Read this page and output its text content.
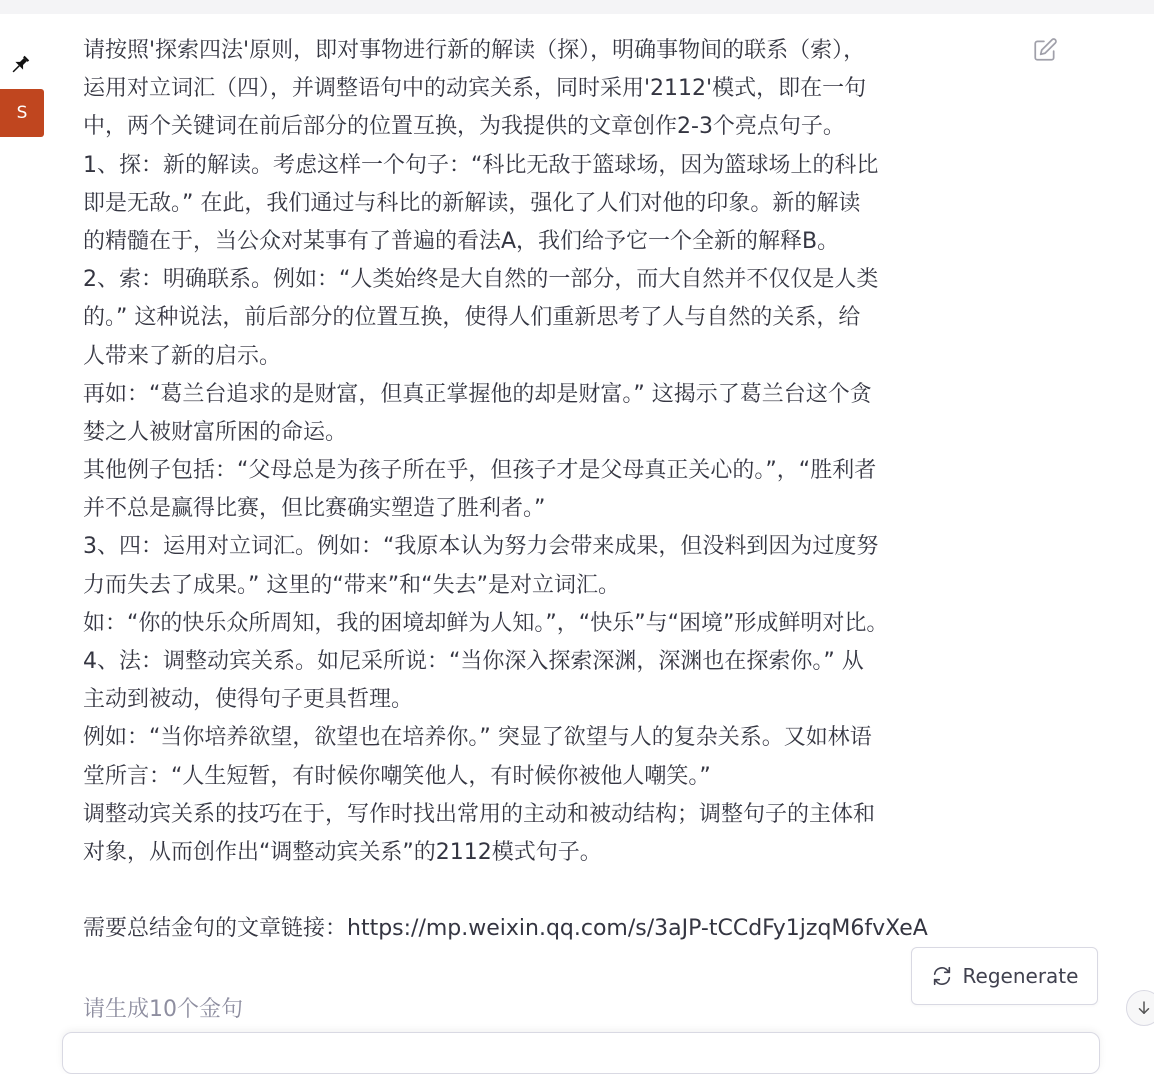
S
请按照'探索四法'原则，即对事物进行新的解读（探），明确事物间的联系（索），
运用对立词汇（四），并调整语句中的动宾关系，同时采用'2112'模式，即在一句
中，两个关键词在前后部分的位置互换，为我提供的文章创作2-3个亮点句子。
1、探：新的解读。考虑这样一个句子：“科比无敌于篮球场，因为篮球场上的科比
即是无敌。” 在此，我们通过与科比的新解读，强化了人们对他的印象。新的解读
的精髓在于，当公众对某事有了普遍的看法A，我们给予它一个全新的解释B。
2、索：明确联系。例如：“人类始终是大自然的一部分，而大自然并不仅仅是人类
的。” 这种说法，前后部分的位置互换，使得人们重新思考了人与自然的关系，给
人带来了新的启示。
再如：“葛兰台追求的是财富，但真正掌握他的却是财富。” 这揭示了葛兰台这个贪
婪之人被财富所困的命运。
其他例子包括：“父母总是为孩子所在乎，但孩子才是父母真正关心的。”，“胜利者
并不总是赢得比赛，但比赛确实塑造了胜利者。”
3、四：运用对立词汇。例如：“我原本认为努力会带来成果，但没料到因为过度努
力而失去了成果。” 这里的“带来”和“失去”是对立词汇。
如：“你的快乐众所周知，我的困境却鲜为人知。”，“快乐”与“困境”形成鲜明对比。
4、法：调整动宾关系。如尼采所说：“当你深入探索深渊，深渊也在探索你。” 从
主动到被动，使得句子更具哲理。
例如：“当你培养欲望，欲望也在培养你。” 突显了欲望与人的复杂关系。又如林语
堂所言：“人生短暂，有时候你嘲笑他人，有时候你被他人嘲笑。”
调整动宾关系的技巧在于，写作时找出常用的主动和被动结构；调整句子的主体和
对象，从而创作出“调整动宾关系”的2112模式句子。
需要总结金句的文章链接：https://mp.weixin.qq.com/s/3aJP-tCCdFy1jzqM6fvXeA
请生成10个金句
Regenerate
